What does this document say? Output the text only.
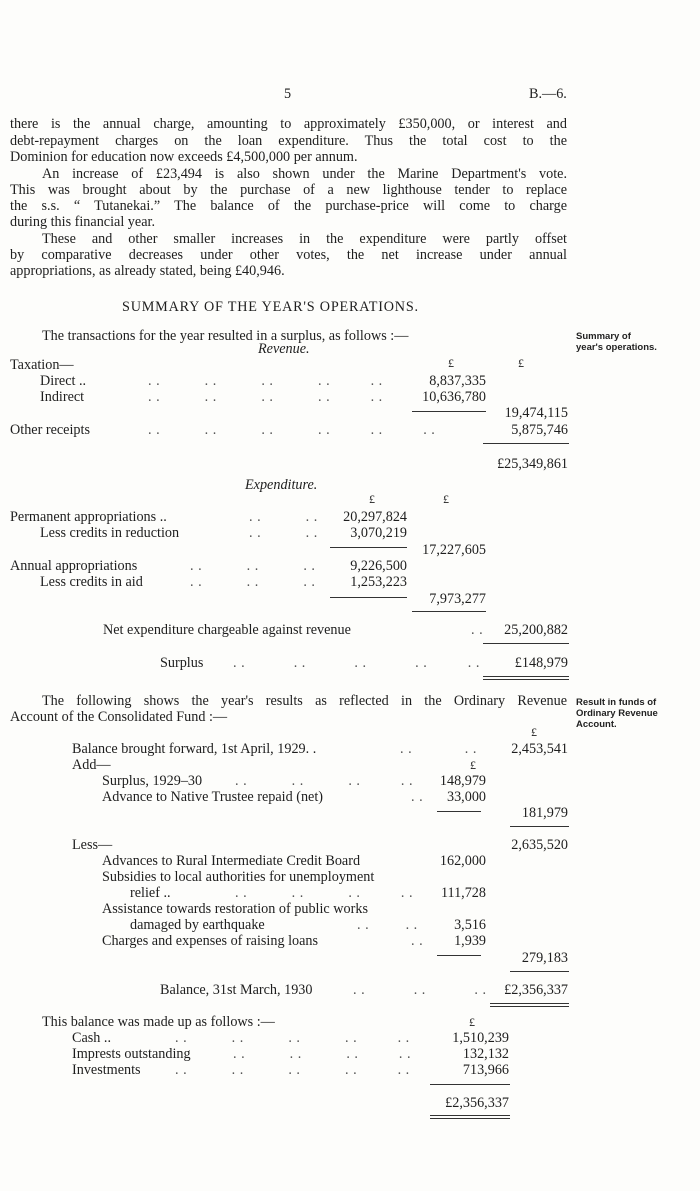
5	B.—6.
there is the annual charge, amounting to approximately £350,000, or interest and
debt-repayment charges on the loan expenditure. Thus the total cost to the
Dominion for education now exceeds £4,500,000 per annum.
An increase of £23,494 is also shown under the Marine Department's vote.
This was brought about by the purchase of a new lighthouse tender to replace
the s.s. “ Tutanekai.” The balance of the purchase-price will come to charge
during this financial year.
These and other smaller increases in the expenditure were partly offset
by comparative decreases under other votes, the net increase under annual
appropriations, as already stated, being £40,946.
SUMMARY OF THE YEAR'S OPERATIONS.
The transactions for the year resulted in a surplus, as follows :—	Summary of
year's operations.
Revenue.
£	£
Taxation—
Direct ..	. .           . .           . .           . .          . .	8,837,335
Indirect	. .           . .           . .           . .          . .	10,636,780
19,474,115
Other receipts	. .           . .           . .           . .          . .          . .	5,875,746
£25,349,861
Expenditure.
£	£
Permanent appropriations ..	. .           . .	20,297,824
Less credits in reduction	. .           . .	3,070,219
17,227,605
Annual appropriations	. .           . .           . .	9,226,500
Less credits in aid	. .           . .           . .	1,253,223
7,973,277
Net expenditure chargeable against revenue	. .	25,200,882
Surplus . .            . .            . .            . .          . .	£148,979
The following shows the year's results as reflected in the Ordinary Revenue
Account of the Consolidated Fund :—
Result in funds of
Ordinary Revenue
Account.
£
Balance brought forward, 1st April, 1929. .	. .             . .	2,453,541
Add—	£
Surplus, 1929–30 . .           . .           . .          . .	148,979
Advance to Native Trustee repaid (net)	. .	33,000
181,979
Less—	2,635,520
Advances to Rural Intermediate Credit Board	162,000
Subsidies to local authorities for unemployment
relief ..	. .           . .           . .          . .	111,728
Assistance towards restoration of public works
damaged by earthquake	. .         . .	3,516
Charges and expenses of raising loans	. .	1,939
279,183
Balance, 31st March, 1930	. .            . .            . .	£2,356,337
This balance was made up as follows :—	£
Cash ..	. .           . .           . .           . .          . .	1,510,239
Imprests outstanding	. .           . .           . .          . .	132,132
Investments . .           . .           . .           . .          . .	713,966
£2,356,337
